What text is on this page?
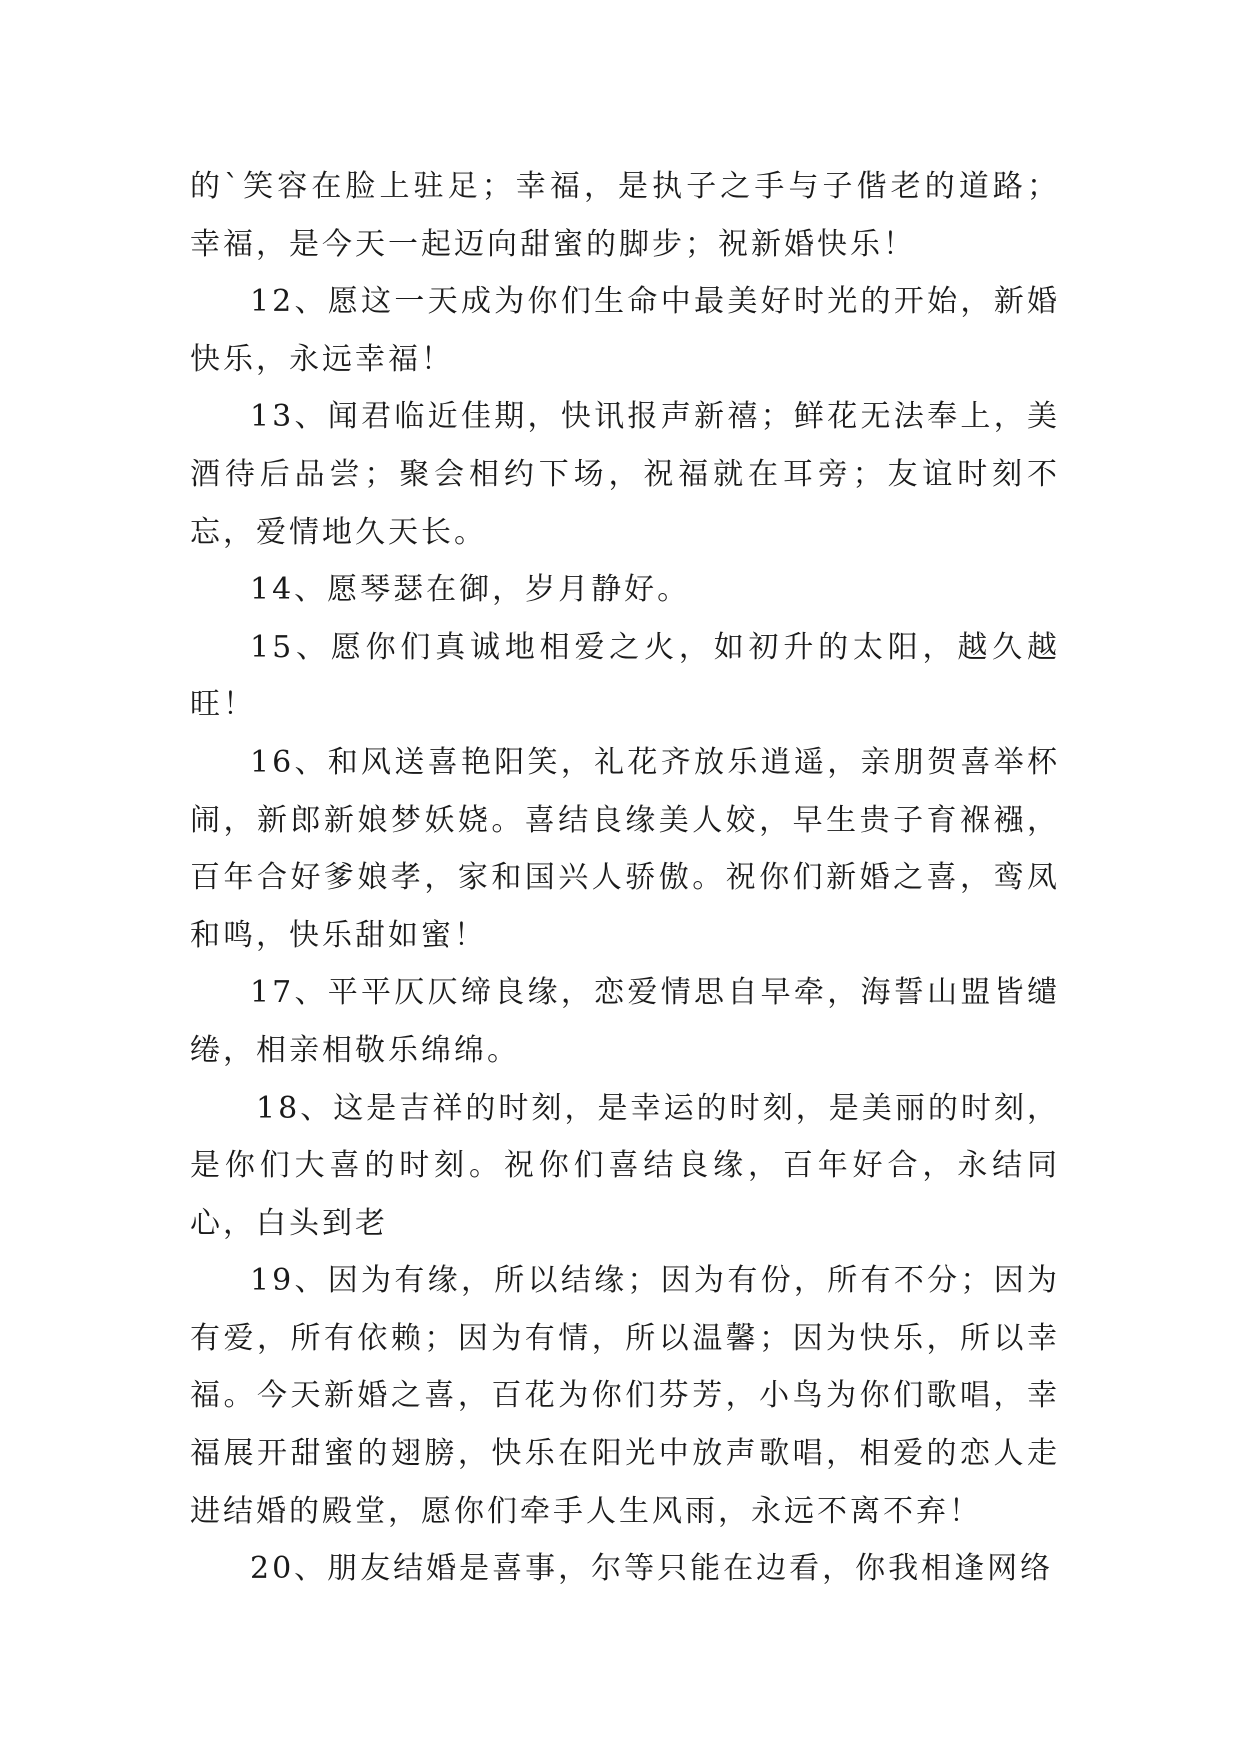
的`笑容在脸上驻足；幸福，是执子之手与子偕老的道路；幸福，是今天一起迈向甜蜜的脚步；祝新婚快乐！

12、愿这一天成为你们生命中最美好时光的开始，新婚快乐，永远幸福！

13、闻君临近佳期，快讯报声新禧；鲜花无法奉上，美酒待后品尝；聚会相约下场，祝福就在耳旁；友谊时刻不忘，爱情地久天长。

14、愿琴瑟在御，岁月静好。

15、愿你们真诚地相爱之火，如初升的太阳，越久越旺！

16、和风送喜艳阳笑，礼花齐放乐逍遥，亲朋贺喜举杯闹，新郎新娘梦妖娆。喜结良缘美人姣，早生贵子育褓襁，百年合好爹娘孝，家和国兴人骄傲。祝你们新婚之喜，鸾凤和鸣，快乐甜如蜜！

17、平平仄仄缔良缘，恋爱情思自早牵，海誓山盟皆缱绻，相亲相敬乐绵绵。

18、这是吉祥的时刻，是幸运的时刻，是美丽的时刻，是你们大喜的时刻。祝你们喜结良缘，百年好合，永结同心，白头到老

19、因为有缘，所以结缘；因为有份，所有不分；因为有爱，所有依赖；因为有情，所以温馨；因为快乐，所以幸福。今天新婚之喜，百花为你们芬芳，小鸟为你们歌唱，幸福展开甜蜜的翅膀，快乐在阳光中放声歌唱，相爱的恋人走进结婚的殿堂，愿你们牵手人生风雨，永远不离不弃！

20、朋友结婚是喜事，尔等只能在边看，你我相逢网络
